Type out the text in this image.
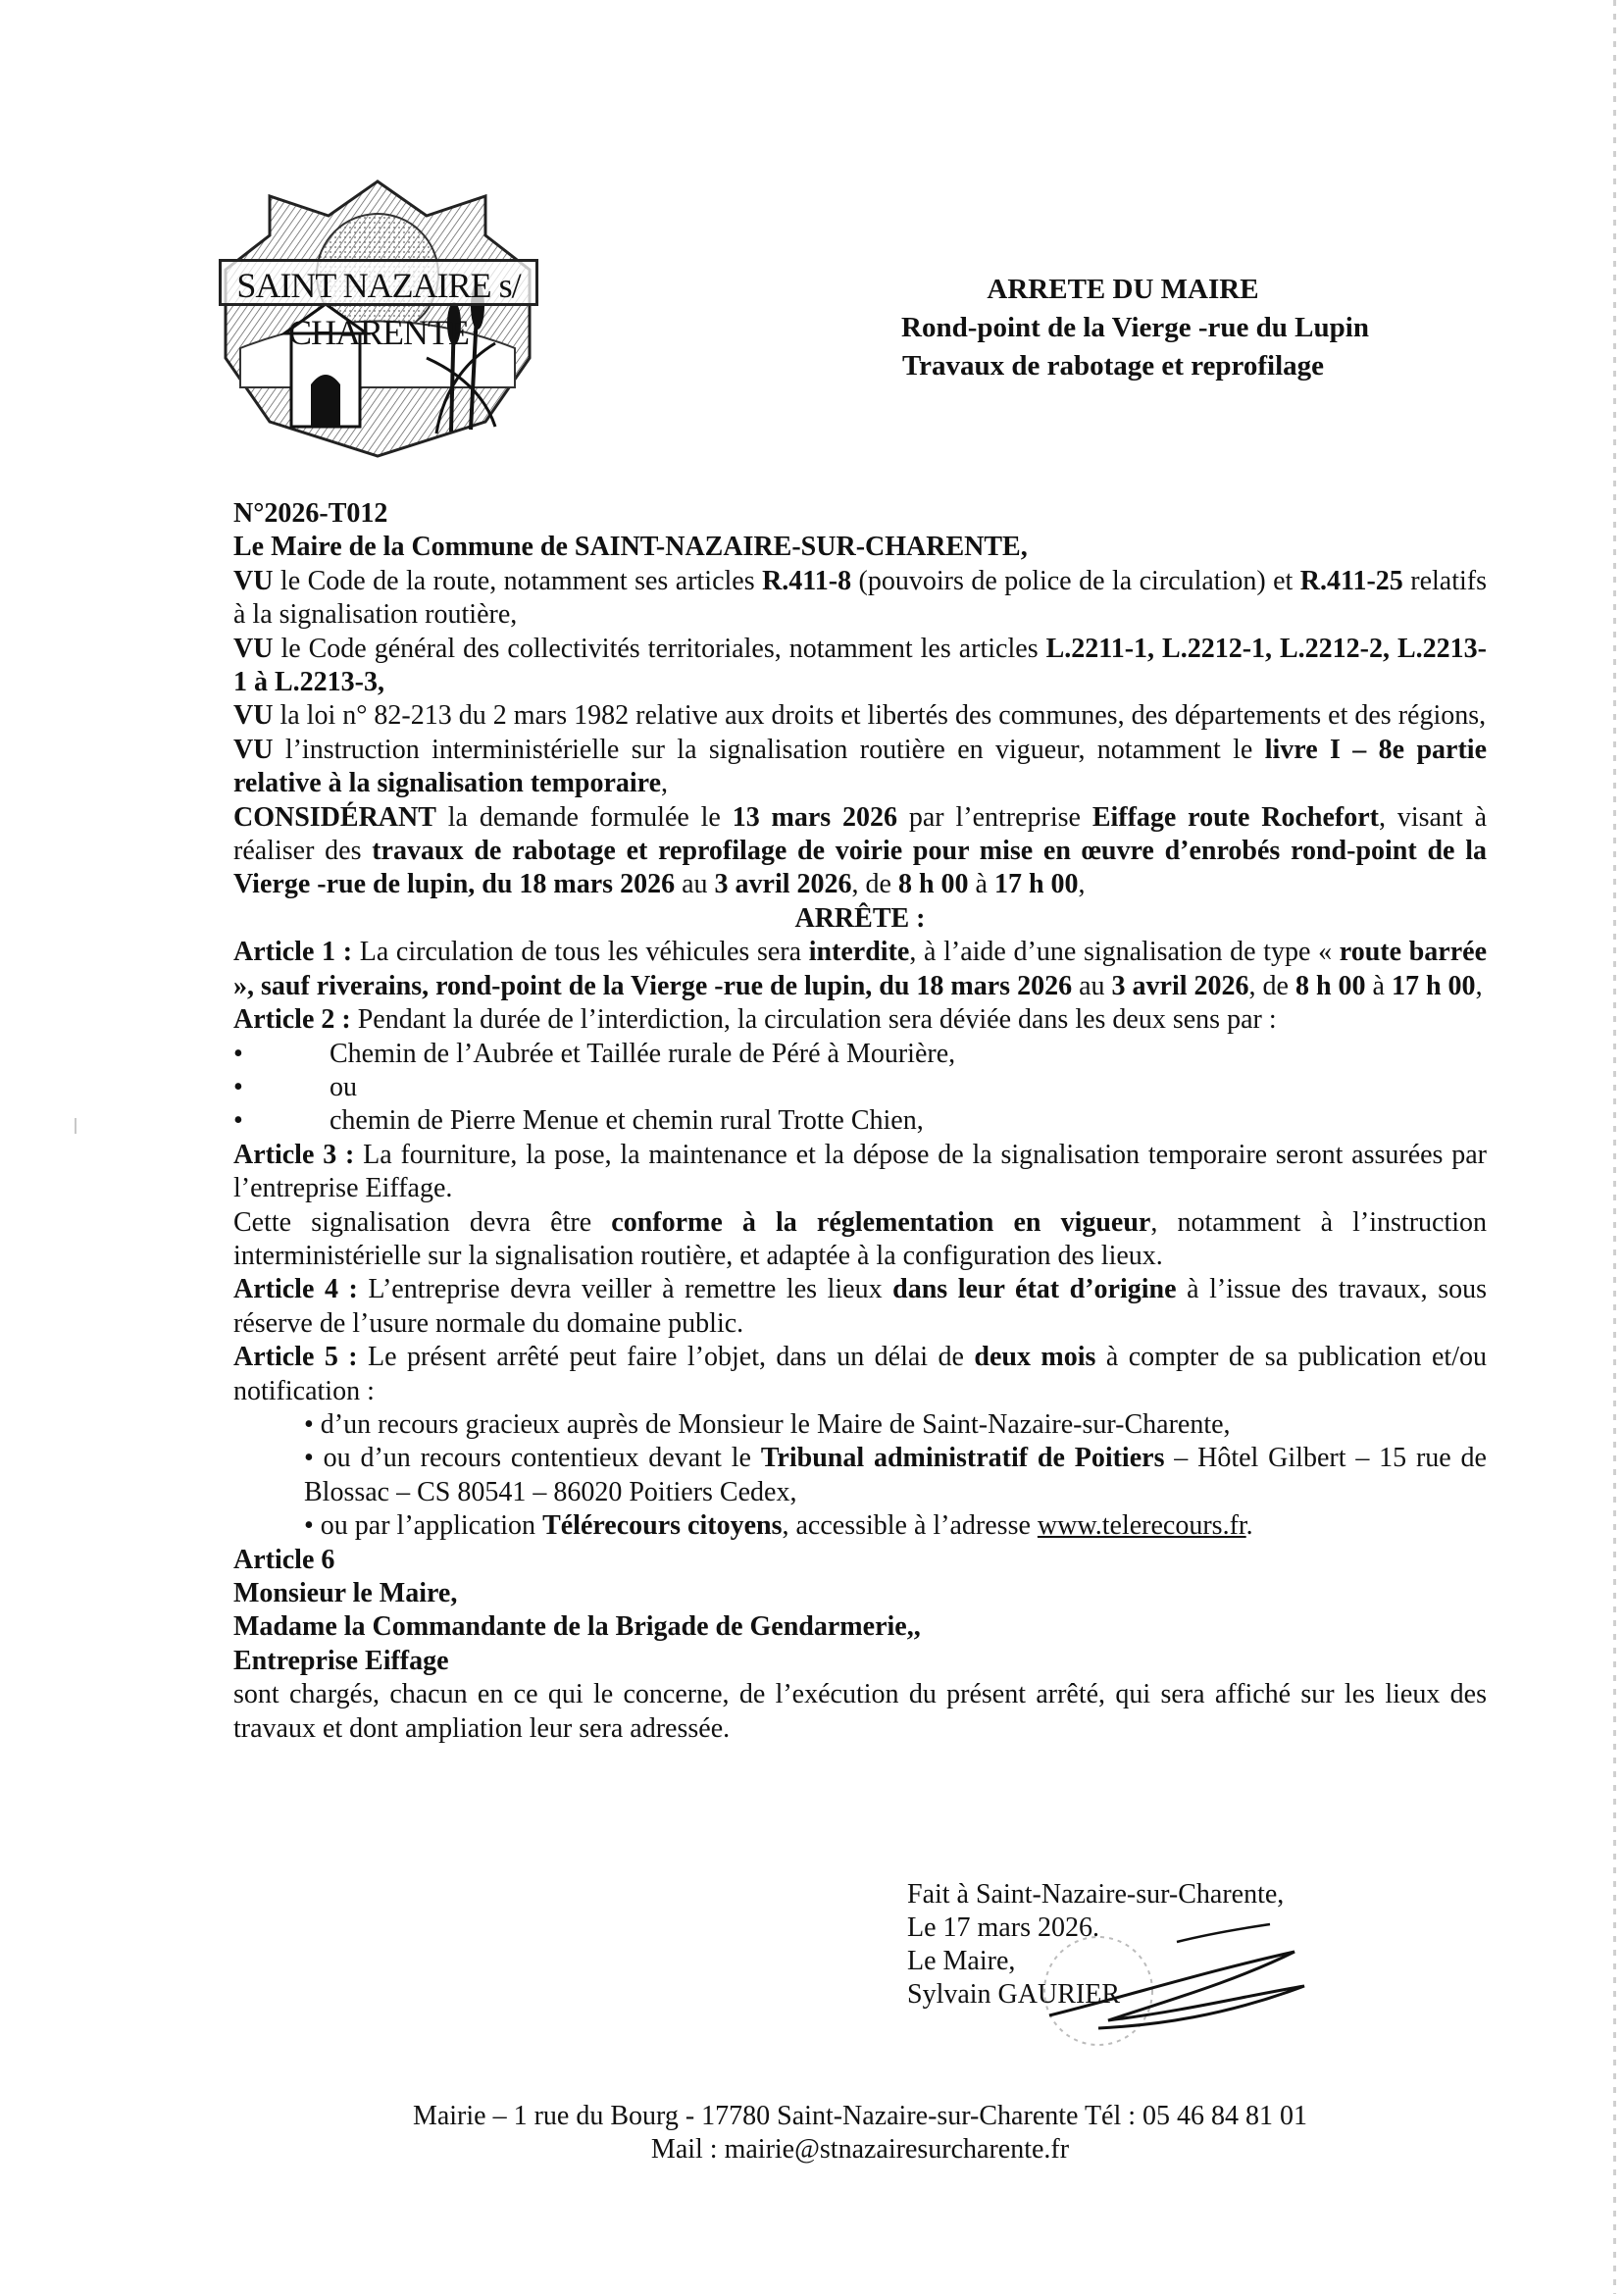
SAINT NAZAIRE s/ CHARENTE
ARRETE DU MAIRE
Rond-point de la Vierge -rue du Lupin
Travaux de rabotage et reprofilage

N°2026-T012

Le Maire de la Commune de SAINT-NAZAIRE-SUR-CHARENTE,

VU le Code de la route, notamment ses articles R.411-8 (pouvoirs de police de la circulation) et R.411-25 relatifs à la signalisation routière,

VU le Code général des collectivités territoriales, notamment les articles L.2211-1, L.2212-1, L.2212-2, L.2213-1 à L.2213-3,

VU la loi n° 82-213 du 2 mars 1982 relative aux droits et libertés des communes, des départements et des régions,

VU l’instruction interministérielle sur la signalisation routière en vigueur, notamment le livre I – 8e partie relative à la signalisation temporaire,

CONSIDÉRANT la demande formulée le 13 mars 2026 par l’entreprise Eiffage route Rochefort, visant à réaliser des travaux de rabotage et reprofilage de voirie pour mise en œuvre d’enrobés rond-point de la Vierge -rue de lupin, du 18 mars 2026 au 3 avril 2026, de 8 h 00 à 17 h 00,

ARRÊTE :

Article 1 : La circulation de tous les véhicules sera interdite, à l’aide d’une signalisation de type « route barrée », sauf riverains, rond-point de la Vierge -rue de lupin, du 18 mars 2026 au 3 avril 2026, de 8 h 00 à 17 h 00,

Article 2 : Pendant la durée de l’interdiction, la circulation sera déviée dans les deux sens par :

•	Chemin de l’Aubrée et Taillée rurale de Péré à Mourière,

•	ou

•	chemin de Pierre Menue et chemin rural Trotte Chien,

Article 3 : La fourniture, la pose, la maintenance et la dépose de la signalisation temporaire seront assurées par l’entreprise Eiffage.

Cette signalisation devra être conforme à la réglementation en vigueur, notamment à l’instruction interministérielle sur la signalisation routière, et adaptée à la configuration des lieux.

Article 4 : L’entreprise devra veiller à remettre les lieux dans leur état d’origine à l’issue des travaux, sous réserve de l’usure normale du domaine public.

Article 5 : Le présent arrêté peut faire l’objet, dans un délai de deux mois à compter de sa publication et/ou notification :

• d’un recours gracieux auprès de Monsieur le Maire de Saint-Nazaire-sur-Charente,

• ou d’un recours contentieux devant le Tribunal administratif de Poitiers – Hôtel Gilbert – 15 rue de Blossac – CS 80541 – 86020 Poitiers Cedex,

• ou par l’application Télérecours citoyens, accessible à l’adresse www.telerecours.fr.

Article 6

Monsieur le Maire,

Madame la Commandante de la Brigade de Gendarmerie,,

Entreprise Eiffage

sont chargés, chacun en ce qui le concerne, de l’exécution du présent arrêté, qui sera affiché sur les lieux des travaux et dont ampliation leur sera adressée.

Fait à Saint-Nazaire-sur-Charente,

Le 17 mars 2026.

Le Maire,

Sylvain GAURIER

Mairie – 1 rue du Bourg - 17780 Saint-Nazaire-sur-Charente Tél : 05 46 84 81 01

Mail : mairie@stnazairesurcharente.fr
